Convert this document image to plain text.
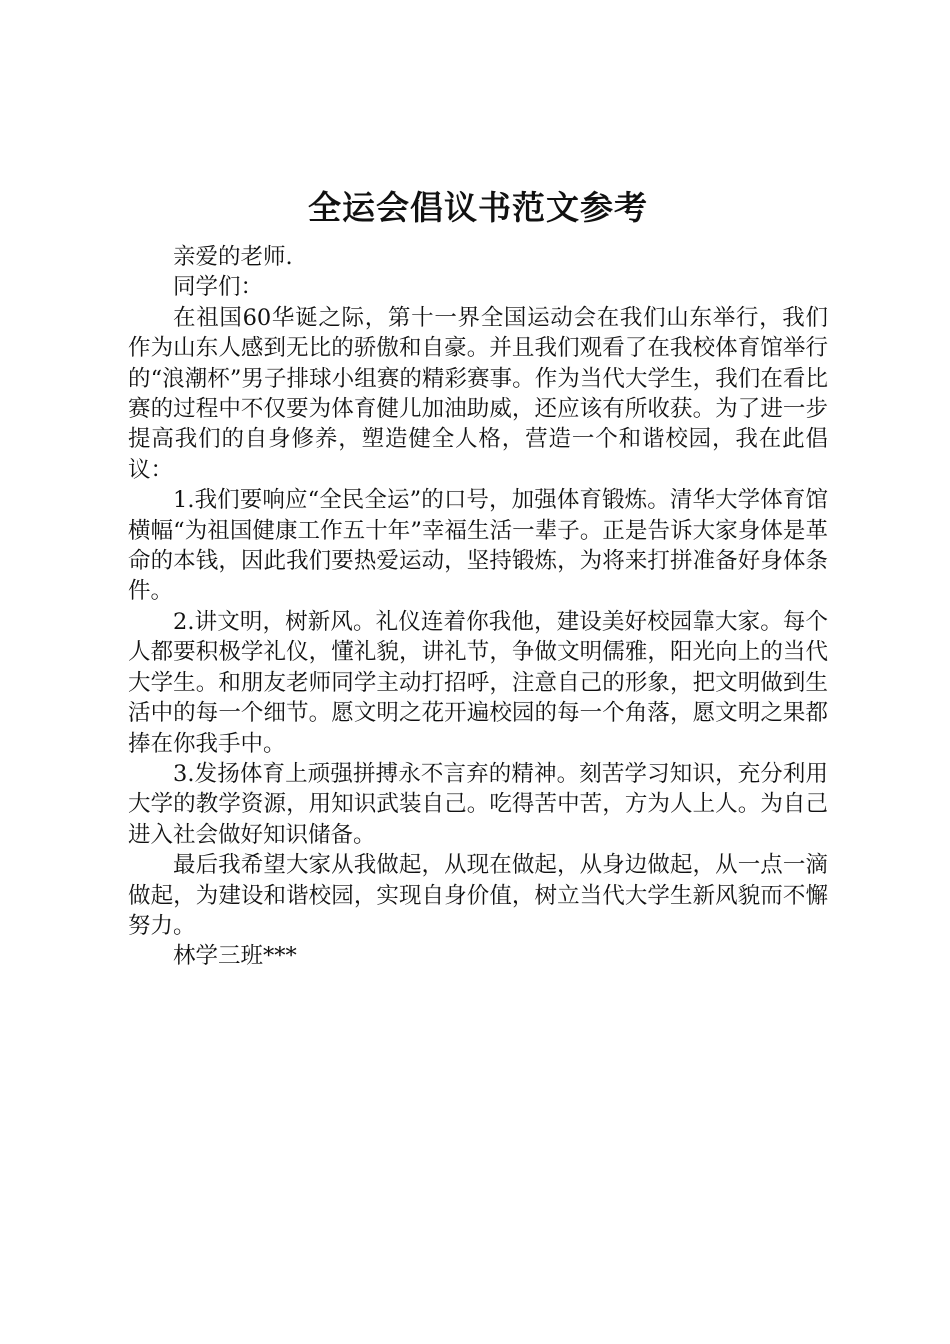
全运会倡议书范文参考

亲爱的老师.

同学们：

在祖国60华诞之际，第十一界全国运动会在我们山东举行，我们作为山东人感到无比的骄傲和自豪。并且我们观看了在我校体育馆举行的“浪潮杯”男子排球小组赛的精彩赛事。作为当代大学生，我们在看比赛的过程中不仅要为体育健儿加油助威，还应该有所收获。为了进一步提高我们的自身修养，塑造健全人格，营造一个和谐校园，我在此倡议：

1.我们要响应“全民全运”的口号，加强体育锻炼。清华大学体育馆横幅“为祖国健康工作五十年”幸福生活一辈子。正是告诉大家身体是革命的本钱，因此我们要热爱运动，坚持锻炼，为将来打拼准备好身体条件。

2.讲文明，树新风。礼仪连着你我他，建设美好校园靠大家。每个人都要积极学礼仪，懂礼貌，讲礼节，争做文明儒雅，阳光向上的当代大学生。和朋友老师同学主动打招呼，注意自己的形象，把文明做到生活中的每一个细节。愿文明之花开遍校园的每一个角落，愿文明之果都捧在你我手中。

3.发扬体育上顽强拼搏永不言弃的精神。刻苦学习知识，充分利用大学的教学资源，用知识武装自己。吃得苦中苦，方为人上人。为自己进入社会做好知识储备。

最后我希望大家从我做起，从现在做起，从身边做起，从一点一滴做起，为建设和谐校园，实现自身价值，树立当代大学生新风貌而不懈努力。

林学三班***
